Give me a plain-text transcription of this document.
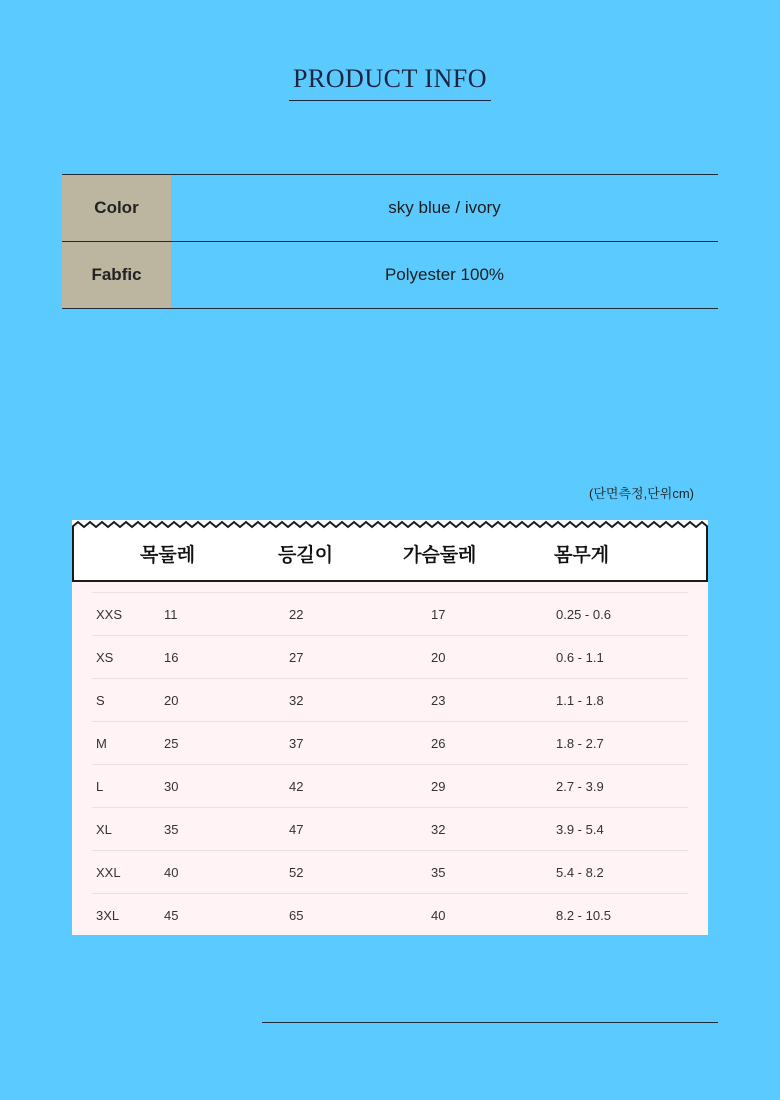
PRODUCT INFO
Color	sky blue / ivory
Fabfic	Polyester 100%
(단면측정,단위cm)
목둘레	등길이	가슴둘레	몸무게
XXS	11	22	17	0.25 - 0.6
XS	16	27	20	0.6 - 1.1
S	20	32	23	1.1 - 1.8
M	25	37	26	1.8 - 2.7
L	30	42	29	2.7 - 3.9
XL	35	47	32	3.9 - 5.4
XXL	40	52	35	5.4 - 8.2
3XL	45	65	40	8.2 - 10.5
